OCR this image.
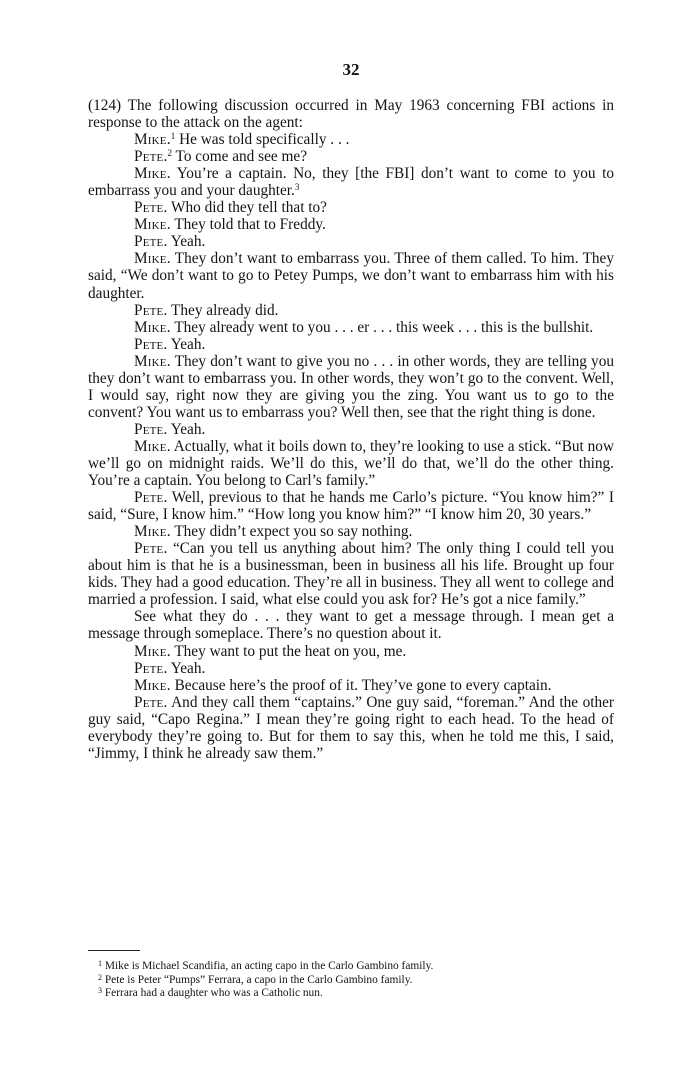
32

(124) The following discussion occurred in May 1963 concerning FBI actions in response to the attack on the agent:

Mike.$^1$ He was told specifically . . .

Pete.$^2$ To come and see me?

Mike. You’re a captain. No, they [the FBI] don’t want to come to you to embarrass you and your daughter.$^3$

Pete. Who did they tell that to?

Mike. They told that to Freddy.

Pete. Yeah.

Mike. They don’t want to embarrass you. Three of them called. To him. They said, “We don’t want to go to Petey Pumps, we don’t want to embarrass him with his daughter.

Pete. They already did.

Mike. They already went to you . . . er . . . this week . . . this is the bullshit.

Pete. Yeah.

Mike. They don’t want to give you no . . . in other words, they are telling you they don’t want to embarrass you. In other words, they won’t go to the convent. Well, I would say, right now they are giving you the zing. You want us to go to the convent? You want us to embarrass you? Well then, see that the right thing is done.

Pete. Yeah.

Mike. Actually, what it boils down to, they’re looking to use a stick. “But now we’ll go on midnight raids. We’ll do this, we’ll do that, we’ll do the other thing. You’re a captain. You belong to Carl’s family.”

Pete. Well, previous to that he hands me Carlo’s picture. “You know him?” I said, “Sure, I know him.” “How long you know him?” “I know him 20, 30 years.”

Mike. They didn’t expect you so say nothing.

Pete. “Can you tell us anything about him? The only thing I could tell you about him is that he is a businessman, been in business all his life. Brought up four kids. They had a good education. They’re all in business. They all went to college and married a profession. I said, what else could you ask for? He’s got a nice family.”

See what they do . . . they want to get a message through. I mean get a message through someplace. There’s no question about it.

Mike. They want to put the heat on you, me.

Pete. Yeah.

Mike. Because here’s the proof of it. They’ve gone to every captain.

Pete. And they call them “captains.” One guy said, “foreman.” And the other guy said, “Capo Regina.” I mean they’re going right to each head. To the head of everybody they’re going to. But for them to say this, when he told me this, I said, “Jimmy, I think he already saw them.”

$^1$ Mike is Michael Scandifia, an acting capo in the Carlo Gambino family.
$^2$ Pete is Peter “Pumps” Ferrara, a capo in the Carlo Gambino family.
$^3$ Ferrara had a daughter who was a Catholic nun.
